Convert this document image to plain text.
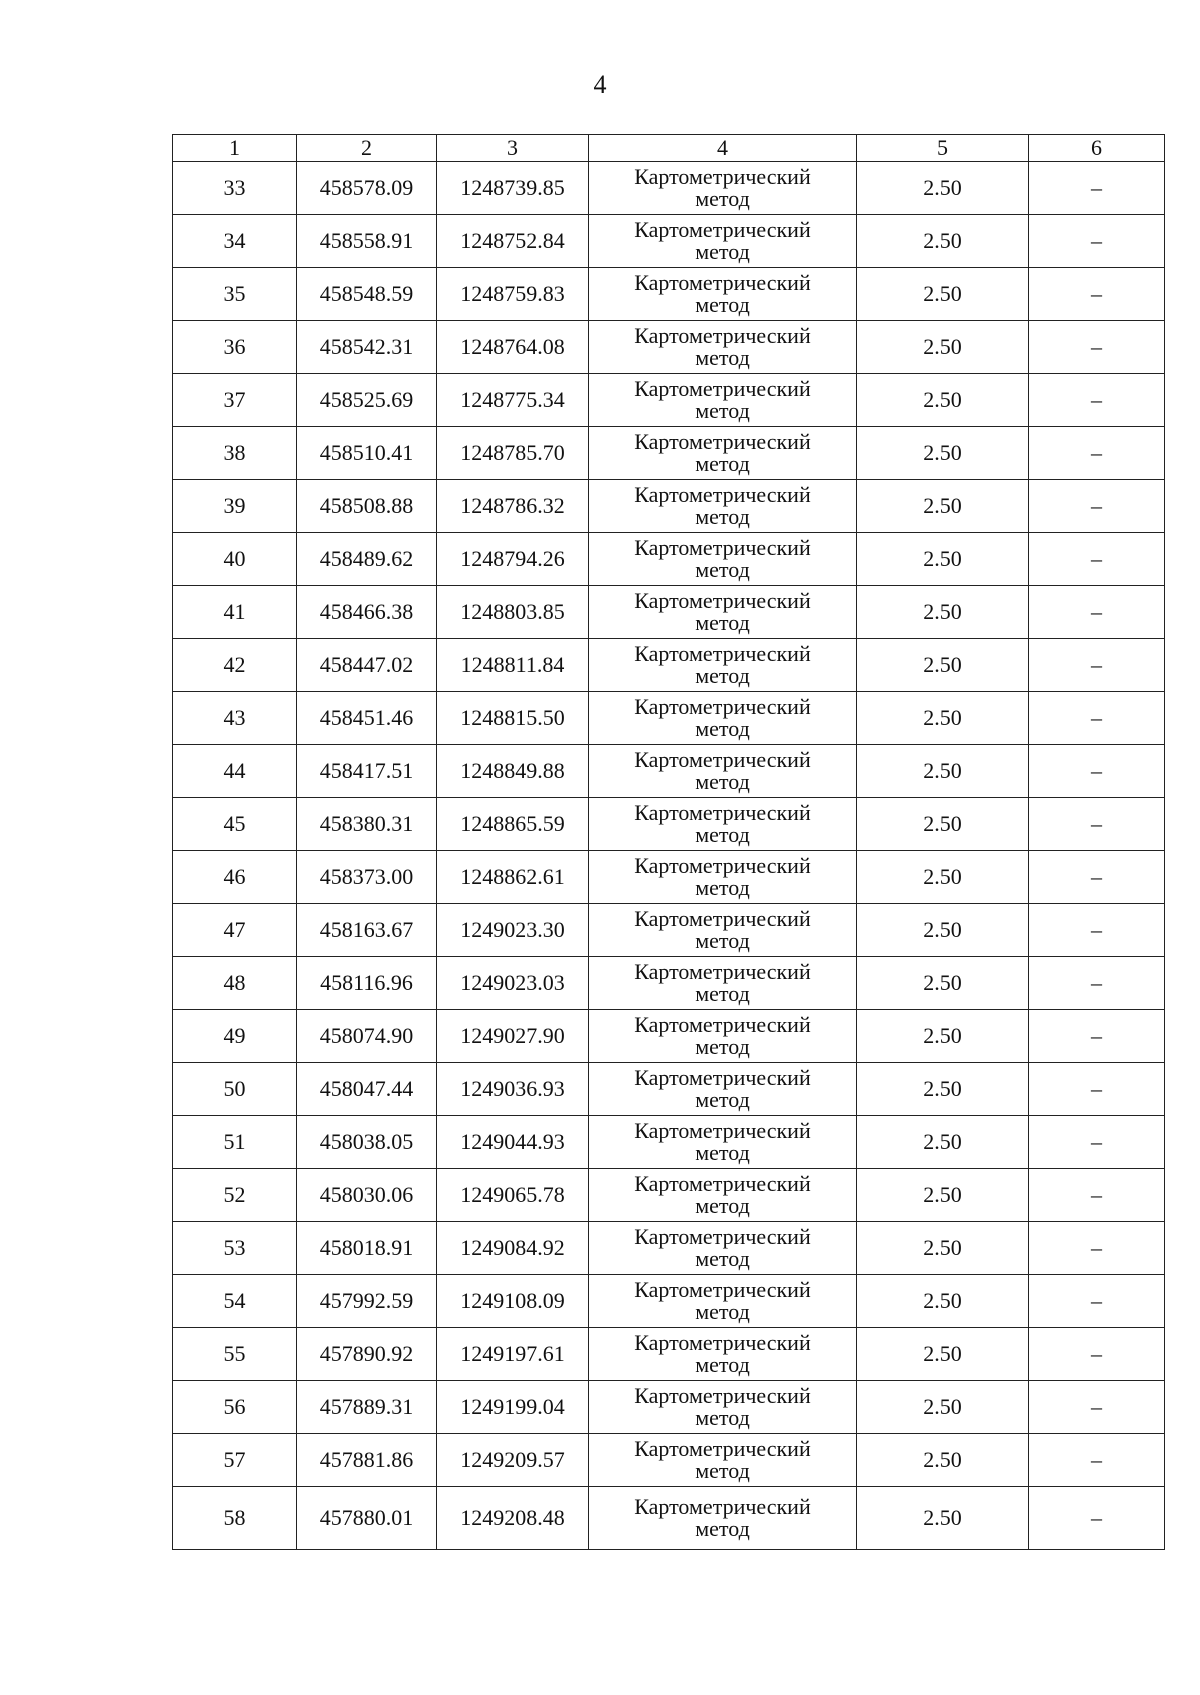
4
1	2	3	4	5	6
33	458578.09	1248739.85	Картометрический
метод	2.50	–
34	458558.91	1248752.84	Картометрический
метод	2.50	–
35	458548.59	1248759.83	Картометрический
метод	2.50	–
36	458542.31	1248764.08	Картометрический
метод	2.50	–
37	458525.69	1248775.34	Картометрический
метод	2.50	–
38	458510.41	1248785.70	Картометрический
метод	2.50	–
39	458508.88	1248786.32	Картометрический
метод	2.50	–
40	458489.62	1248794.26	Картометрический
метод	2.50	–
41	458466.38	1248803.85	Картометрический
метод	2.50	–
42	458447.02	1248811.84	Картометрический
метод	2.50	–
43	458451.46	1248815.50	Картометрический
метод	2.50	–
44	458417.51	1248849.88	Картометрический
метод	2.50	–
45	458380.31	1248865.59	Картометрический
метод	2.50	–
46	458373.00	1248862.61	Картометрический
метод	2.50	–
47	458163.67	1249023.30	Картометрический
метод	2.50	–
48	458116.96	1249023.03	Картометрический
метод	2.50	–
49	458074.90	1249027.90	Картометрический
метод	2.50	–
50	458047.44	1249036.93	Картометрический
метод	2.50	–
51	458038.05	1249044.93	Картометрический
метод	2.50	–
52	458030.06	1249065.78	Картометрический
метод	2.50	–
53	458018.91	1249084.92	Картометрический
метод	2.50	–
54	457992.59	1249108.09	Картометрический
метод	2.50	–
55	457890.92	1249197.61	Картометрический
метод	2.50	–
56	457889.31	1249199.04	Картометрический
метод	2.50	–
57	457881.86	1249209.57	Картометрический
метод	2.50	–
58	457880.01	1249208.48	Картометрический
метод	2.50	–
